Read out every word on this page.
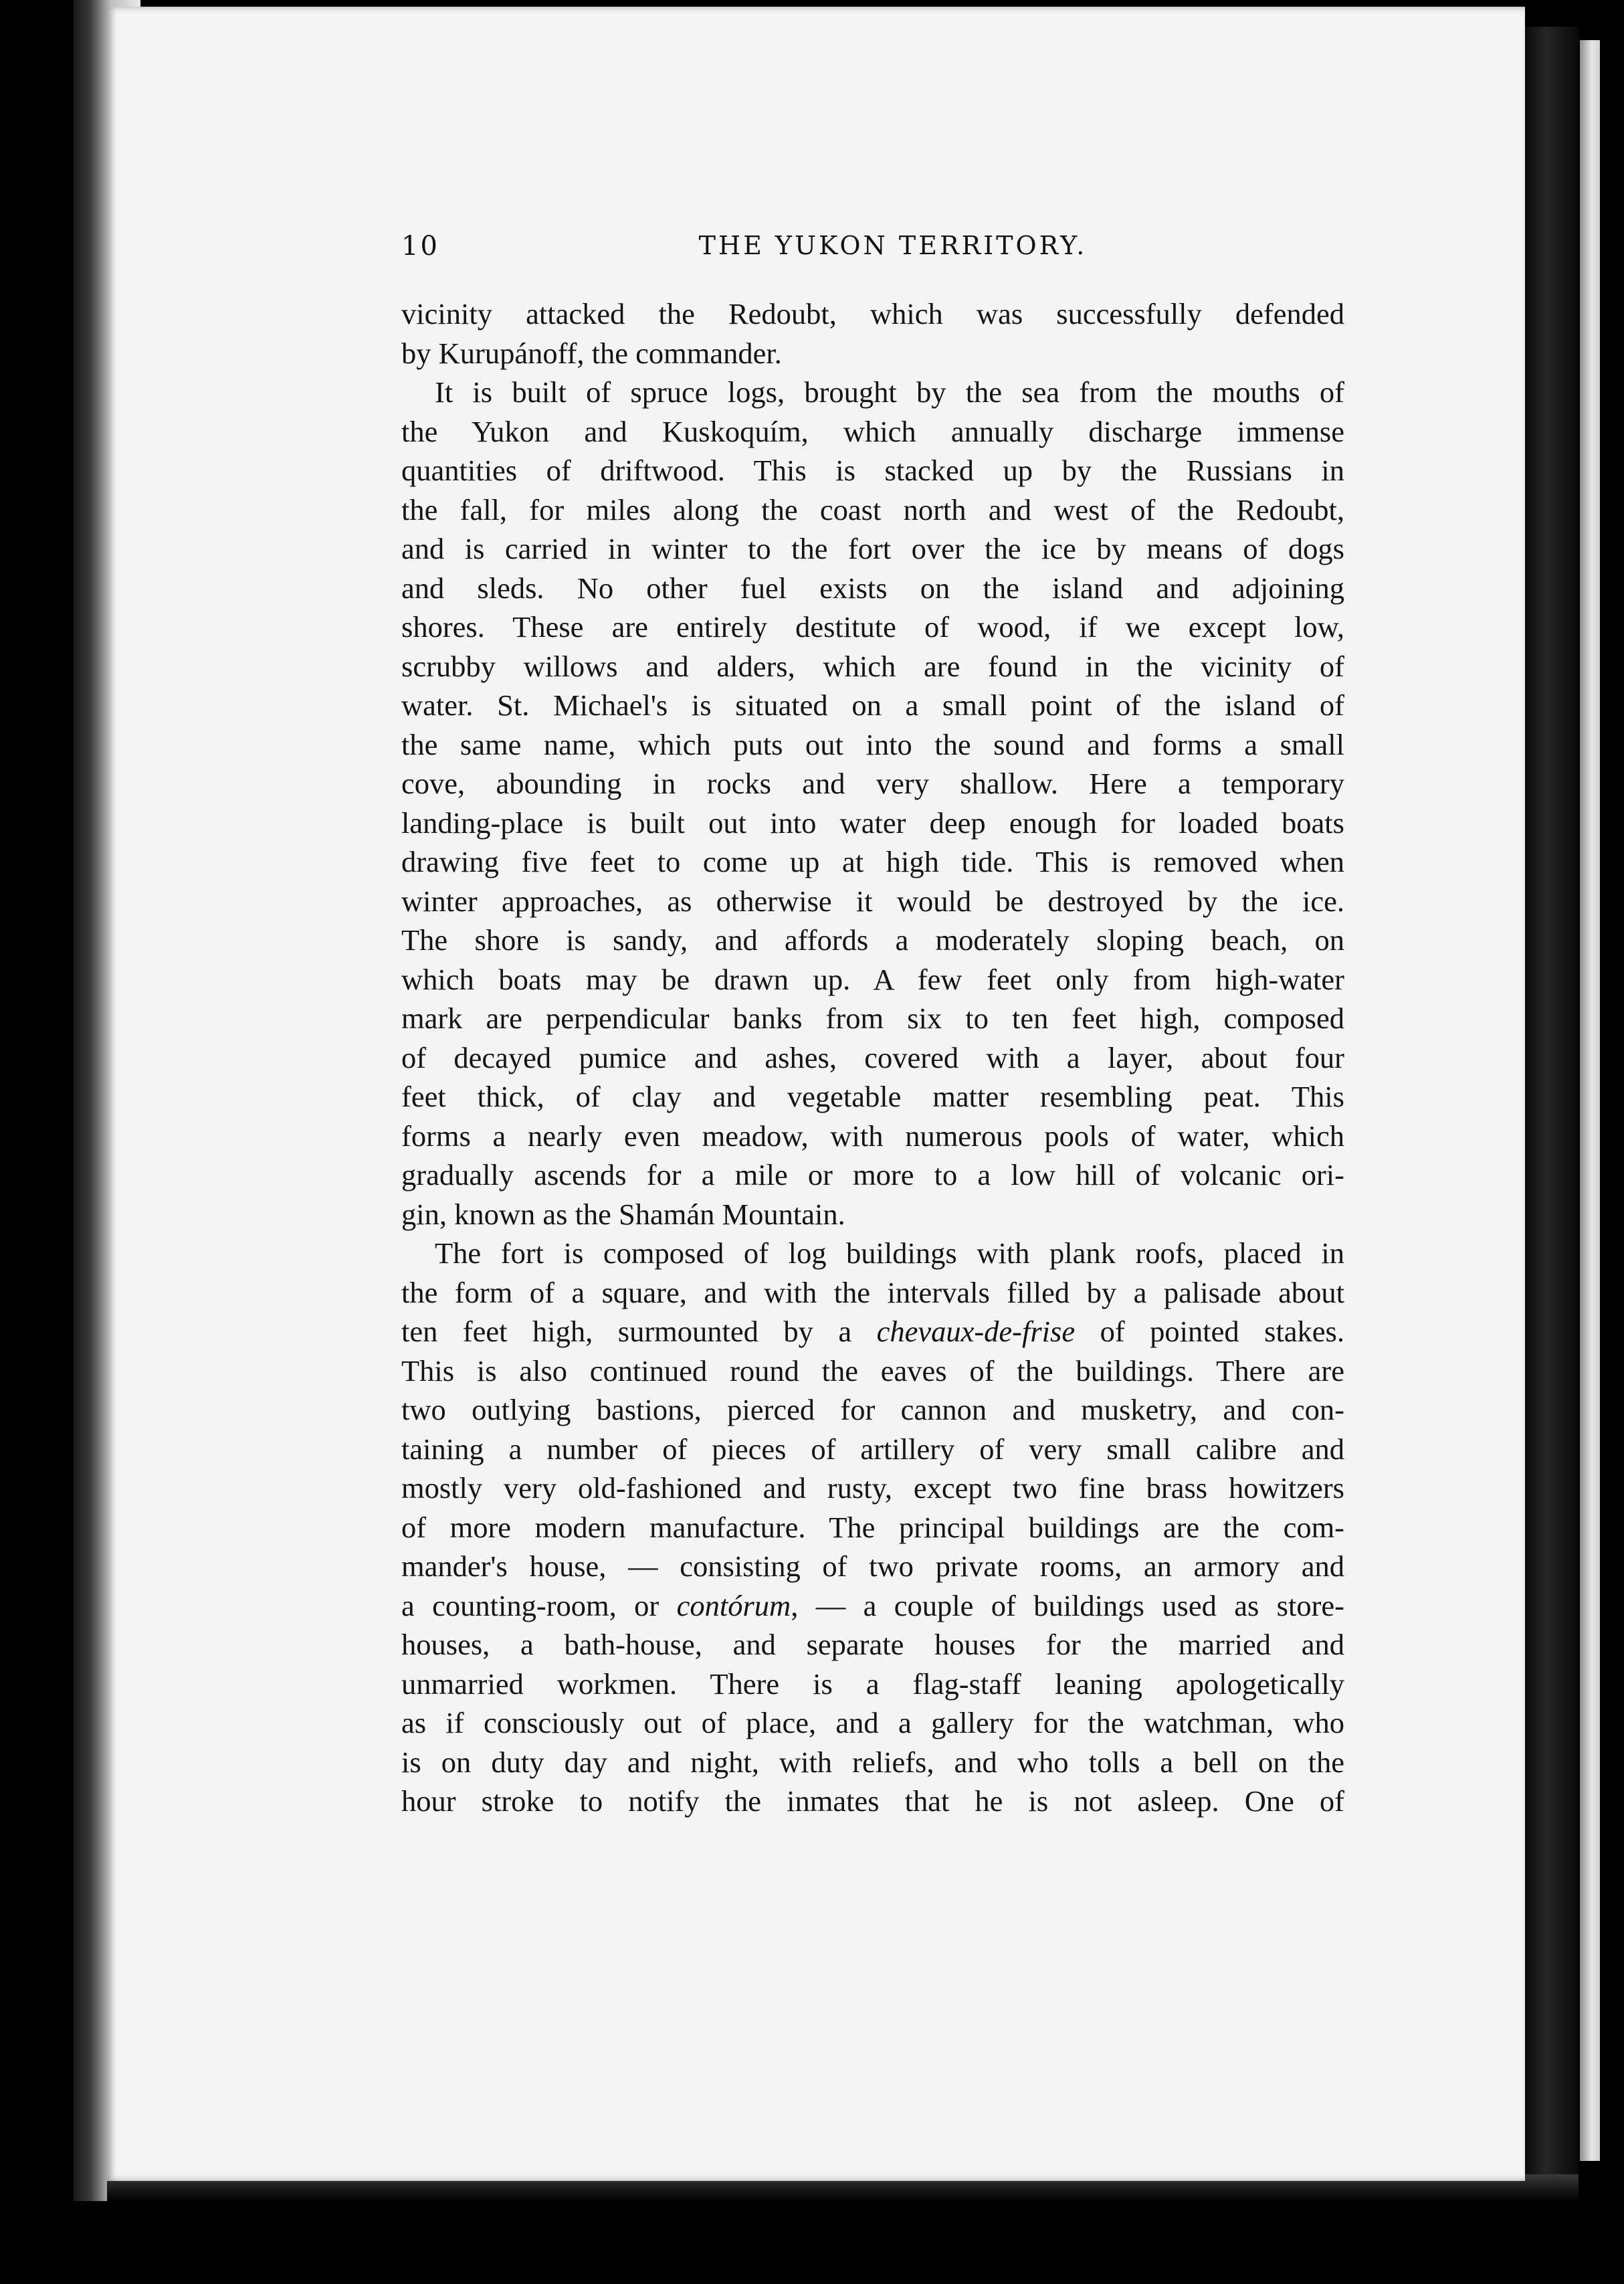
10	THE YUKON TERRITORY.
vicinity attacked the Redoubt, which was successfully defended
by Kurupánoff, the commander.
It is built of spruce logs, brought by the sea from the mouths of
the Yukon and Kuskoquím, which annually discharge immense
quantities of driftwood. This is stacked up by the Russians in
the fall, for miles along the coast north and west of the Redoubt,
and is carried in winter to the fort over the ice by means of dogs
and sleds. No other fuel exists on the island and adjoining
shores. These are entirely destitute of wood, if we except low,
scrubby willows and alders, which are found in the vicinity of
water. St. Michael's is situated on a small point of the island of
the same name, which puts out into the sound and forms a small
cove, abounding in rocks and very shallow. Here a temporary
landing-place is built out into water deep enough for loaded boats
drawing five feet to come up at high tide. This is removed when
winter approaches, as otherwise it would be destroyed by the ice.
The shore is sandy, and affords a moderately sloping beach, on
which boats may be drawn up. A few feet only from high-water
mark are perpendicular banks from six to ten feet high, composed
of decayed pumice and ashes, covered with a layer, about four
feet thick, of clay and vegetable matter resembling peat. This
forms a nearly even meadow, with numerous pools of water, which
gradually ascends for a mile or more to a low hill of volcanic ori-
gin, known as the Shamán Mountain.
The fort is composed of log buildings with plank roofs, placed in
the form of a square, and with the intervals filled by a palisade about
ten feet high, surmounted by a chevaux-de-frise of pointed stakes.
This is also continued round the eaves of the buildings. There are
two outlying bastions, pierced for cannon and musketry, and con-
taining a number of pieces of artillery of very small calibre and
mostly very old-fashioned and rusty, except two fine brass howitzers
of more modern manufacture. The principal buildings are the com-
mander's house, — consisting of two private rooms, an armory and
a counting-room, or contórum, — a couple of buildings used as store-
houses, a bath-house, and separate houses for the married and
unmarried workmen. There is a flag-staff leaning apologetically
as if consciously out of place, and a gallery for the watchman, who
is on duty day and night, with reliefs, and who tolls a bell on the
hour stroke to notify the inmates that he is not asleep. One of
